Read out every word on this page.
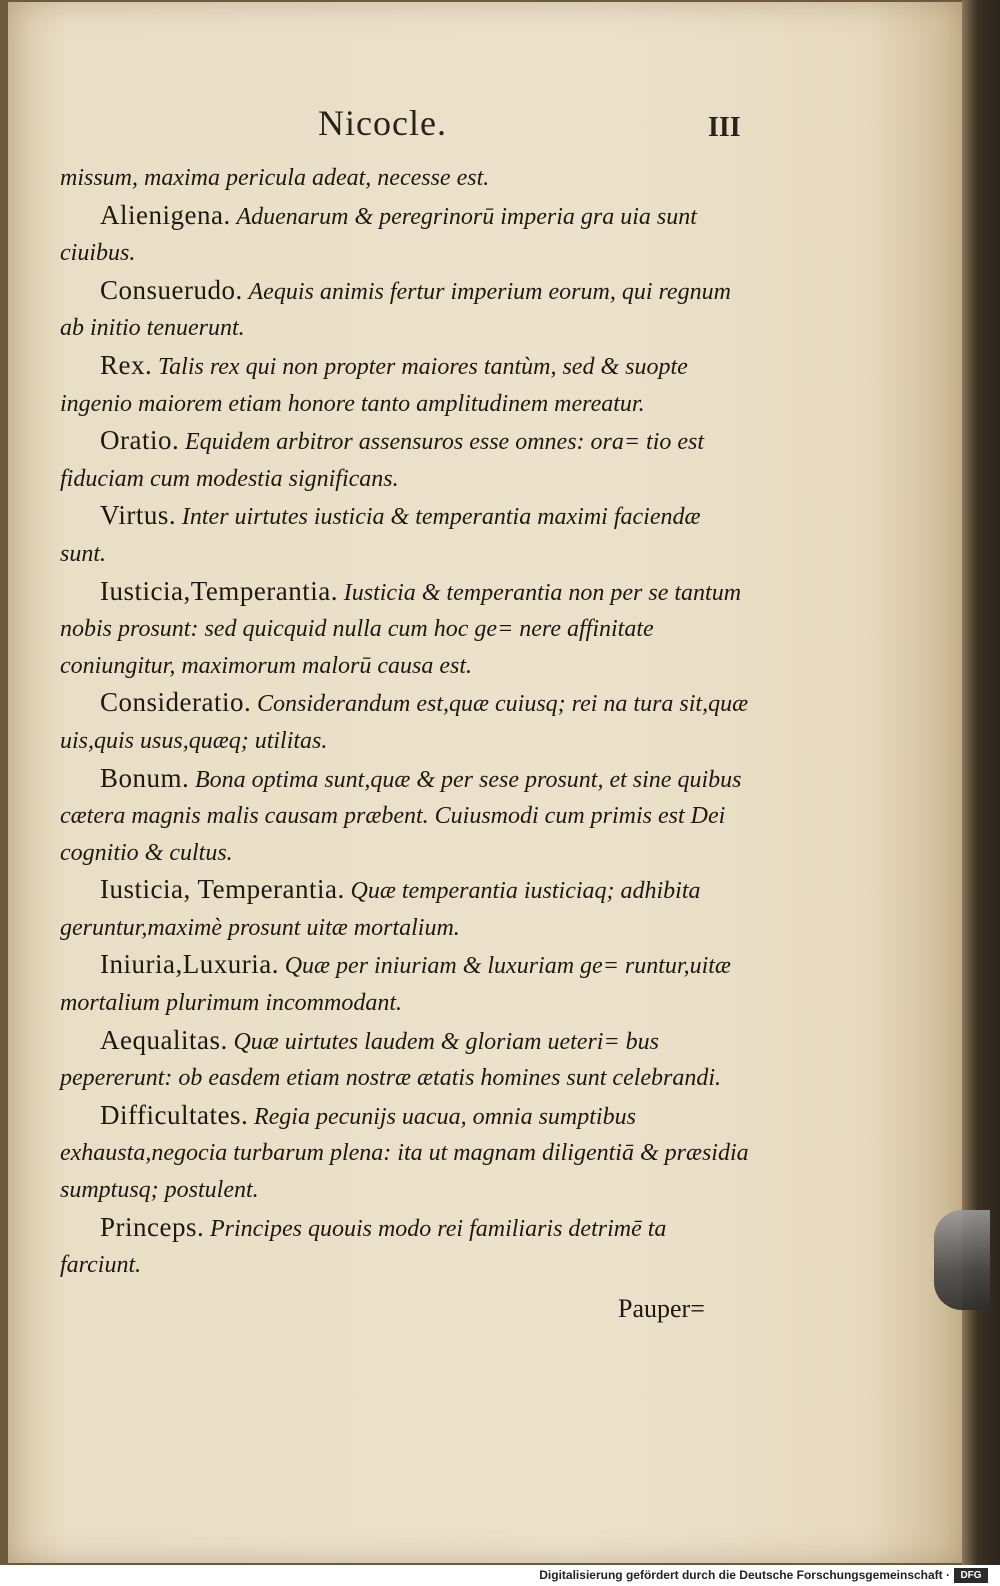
Nicocle.	III

missum, maxima pericula adeat, necesse est.

Alienigena. Aduenarum & peregrinorū imperia gra uia sunt ciuibus.

Consuerudo. Aequis animis fertur imperium eorum, qui regnum ab initio tenuerunt.

Rex. Talis rex qui non propter maiores tantùm, sed & suopte ingenio maiorem etiam honore tanto amplitudinem mereatur.

Oratio. Equidem arbitror assensuros esse omnes: ora= tio est fiduciam cum modestia significans.

Virtus. Inter uirtutes iusticia & temperantia maximi faciendæ sunt.

Iusticia,Temperantia. Iusticia & temperantia non per se tantum nobis prosunt: sed quicquid nulla cum hoc ge= nere affinitate coniungitur, maximorum malorū causa est.

Consideratio. Considerandum est,quæ cuiusq; rei na tura sit,quæ uis,quis usus,quæq; utilitas.

Bonum. Bona optima sunt,quæ & per sese prosunt, et sine quibus cætera magnis malis causam præbent. Cuiusmodi cum primis est Dei cognitio & cultus.

Iusticia, Temperantia. Quæ temperantia iusticiaq; adhibita geruntur,maximè prosunt uitæ mortalium.

Iniuria,Luxuria. Quæ per iniuriam & luxuriam ge= runtur,uitæ mortalium plurimum incommodant.

Aequalitas. Quæ uirtutes laudem & gloriam ueteri= bus pepererunt: ob easdem etiam nostræ ætatis homines sunt celebrandi.

Difficultates. Regia pecunijs uacua, omnia sumptibus exhausta,negocia turbarum plena: ita ut magnam diligentiā & præsidia sumptusq; postulent.

Princeps. Principes quouis modo rei familiaris detrimē ta farciunt.

Pauper=
Digitalisierung gefördert durch die Deutsche Forschungsgemeinschaft ·	DFG
